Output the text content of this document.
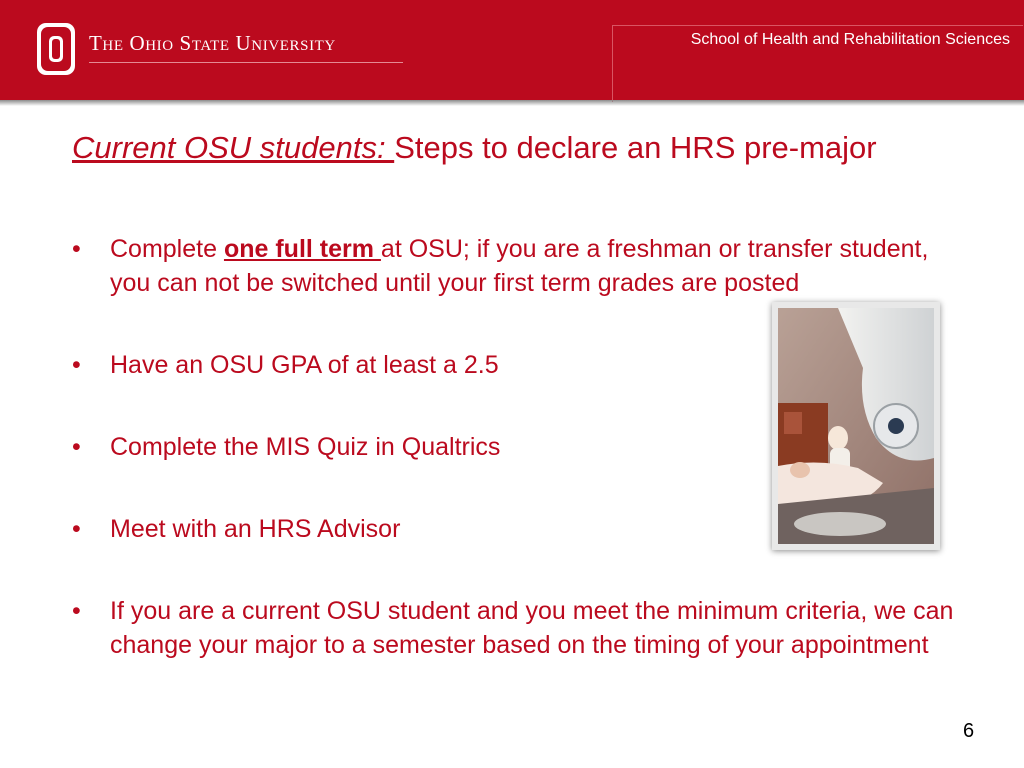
The Ohio State University	School of Health and Rehabilitation Sciences
Current OSU students: Steps to declare an HRS pre-major
• Complete one full term at OSU; if you are a freshman or transfer student, you can not be switched until your first term grades are posted
• Have an OSU GPA of at least a 2.5
• Complete the MIS Quiz in Qualtrics
• Meet with an HRS Advisor
• If you are a current OSU student and you meet the minimum criteria, we can change your major to a semester based on the timing of your appointment
6
